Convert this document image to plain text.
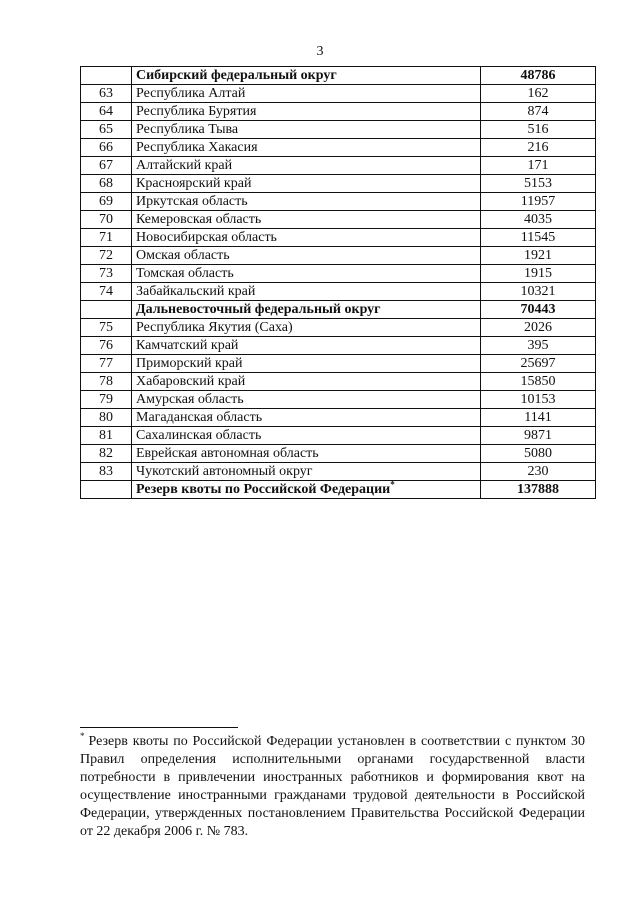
3
	Сибирский федеральный округ	48786
63	Республика Алтай	162
64	Республика Бурятия	874
65	Республика Тыва	516
66	Республика Хакасия	216
67	Алтайский край	171
68	Красноярский край	5153
69	Иркутская область	11957
70	Кемеровская область	4035
71	Новосибирская область	11545
72	Омская область	1921
73	Томская область	1915
74	Забайкальский край	10321
	Дальневосточный федеральный округ	70443
75	Республика Якутия (Саха)	2026
76	Камчатский край	395
77	Приморский край	25697
78	Хабаровский край	15850
79	Амурская область	10153
80	Магаданская область	1141
81	Сахалинская область	9871
82	Еврейская автономная область	5080
83	Чукотский автономный округ	230
	Резерв квоты по Российской Федерации*	137888
* Резерв квоты по Российской Федерации установлен в соответствии с пунктом 30 Правил определения исполнительными органами государственной власти потребности в привлечении иностранных работников и формирования квот на осуществление иностранными гражданами трудовой деятельности в Российской Федерации, утвержденных постановлением Правительства Российской Федерации от 22 декабря 2006 г. № 783.
